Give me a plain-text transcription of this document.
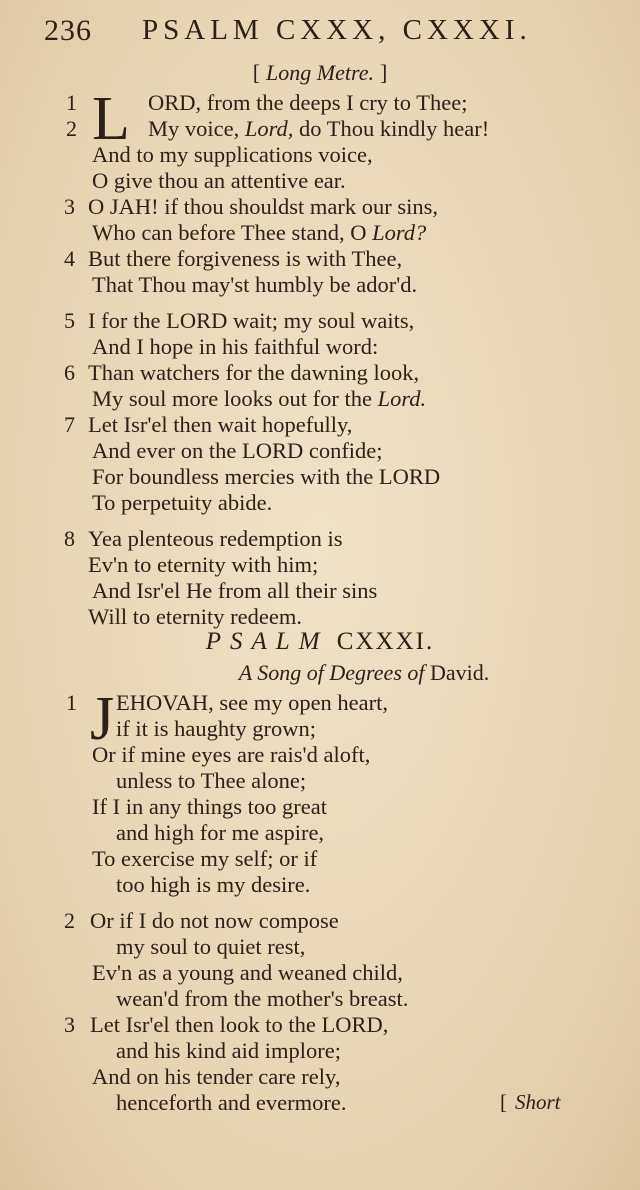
236 PSALM CXXX, CXXXI.
[ Long Metre. ]
L
1	ORD, from the deeps I cry to Thee;
2	My voice, Lord, do Thou kindly hear!
And to my supplications voice,
O give thou an attentive ear.
3 O JAH! if thou shouldst mark our sins,
Who can before Thee stand, O Lord?
4 But there forgiveness is with Thee,
That Thou may'st humbly be ador'd.
5 I for the LORD wait; my soul waits,
And I hope in his faithful word:
6 Than watchers for the dawning look,
My soul more looks out for the Lord.
7 Let Isr'el then wait hopefully,
And ever on the LORD confide;
For boundless mercies with the LORD
To perpetuity abide.
8 Yea plenteous redemption is
Ev'n to eternity with him;
And Isr'el He from all their sins
Will to eternity redeem.
PSALM CXXXI.
A Song of Degrees of David.
J
1 EHOVAH, see my open heart,
if it is haughty grown;
Or if mine eyes are rais'd aloft,
unless to Thee alone;
If I in any things too great
and high for me aspire,
To exercise my self; or if
too high is my desire.
2 Or if I do not now compose
my soul to quiet rest,
Ev'n as a young and weaned child,
wean'd from the mother's breast.
3 Let Isr'el then look to the LORD,
and his kind aid implore;
And on his tender care rely,
henceforth and evermore.	[ Short
